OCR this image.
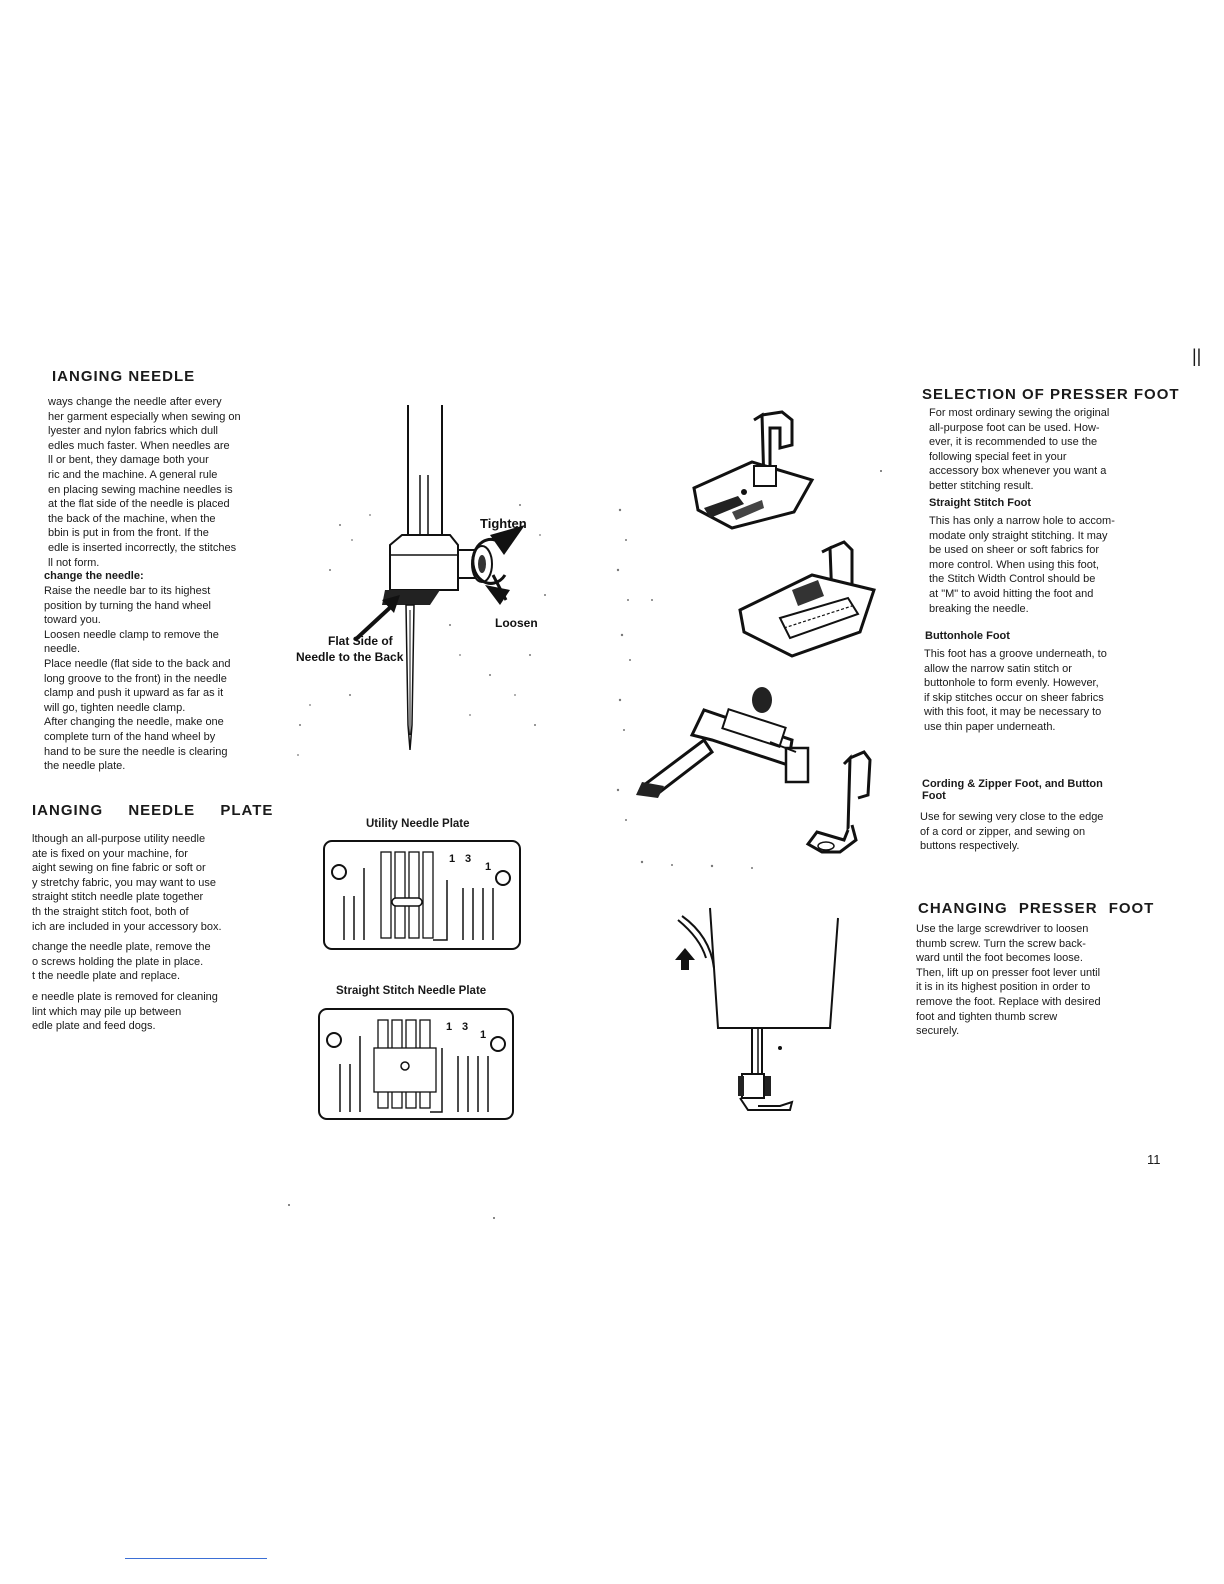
IANGING NEEDLE

ways change the needle after every

her garment especially when sewing on

lyester and nylon fabrics which dull

edles much faster. When needles are

ll or bent, they damage both your

ric and the machine. A general rule

en placing sewing machine needles is

at the flat side of the needle is placed

the back of the machine, when the

bbin is put in from the front. If the

edle is inserted incorrectly, the stitches

ll not form.

change the needle:

Raise the needle bar to its highest

position by turning the hand wheel

toward you.

Loosen needle clamp to remove the

needle.

Place needle (flat side to the back and

long groove to the front) in the needle

clamp and push it upward as far as it

will go, tighten needle clamp.

After changing the needle, make one

complete turn of the hand wheel by

hand to be sure the needle is clearing

the needle plate.

IANGING NEEDLE PLATE

lthough an all-purpose utility needle

ate is fixed on your machine, for

aight sewing on fine fabric or soft or

y stretchy fabric, you may want to use

straight stitch needle plate together

th the straight stitch foot, both of

ich are included in your accessory box.

change the needle plate, remove the

o screws holding the plate in place.

t the needle plate and replace.

e needle plate is removed for cleaning

lint which may pile up between

edle plate and feed dogs.

Tighten
Loosen
Flat Side of
Needle to the Back
Utility Needle Plate
1 3
1
Straight Stitch Needle Plate
1 3
1
SELECTION OF PRESSER FOOT

For most ordinary sewing the original

all-purpose foot can be used. How-

ever, it is recommended to use the

following special feet in your

accessory box whenever you want a

better stitching result.

Straight Stitch Foot

This has only a narrow hole to accom-

modate only straight stitching. It may

be used on sheer or soft fabrics for

more control. When using this foot,

the Stitch Width Control should be

at "M" to avoid hitting the foot and

breaking the needle.

Buttonhole Foot

This foot has a groove underneath, to

allow the narrow satin stitch or

buttonhole to form evenly. However,

if skip stitches occur on sheer fabrics

with this foot, it may be necessary to

use thin paper underneath.

Cording & Zipper Foot, and Button
Foot

Use for sewing very close to the edge

of a cord or zipper, and sewing on

buttons respectively.

CHANGING PRESSER FOOT

Use the large screwdriver to loosen

thumb screw. Turn the screw back-

ward until the foot becomes loose.

Then, lift up on presser foot lever until

it is in its highest position in order to

remove the foot. Replace with desired

foot and tighten thumb screw

securely.

11
||
